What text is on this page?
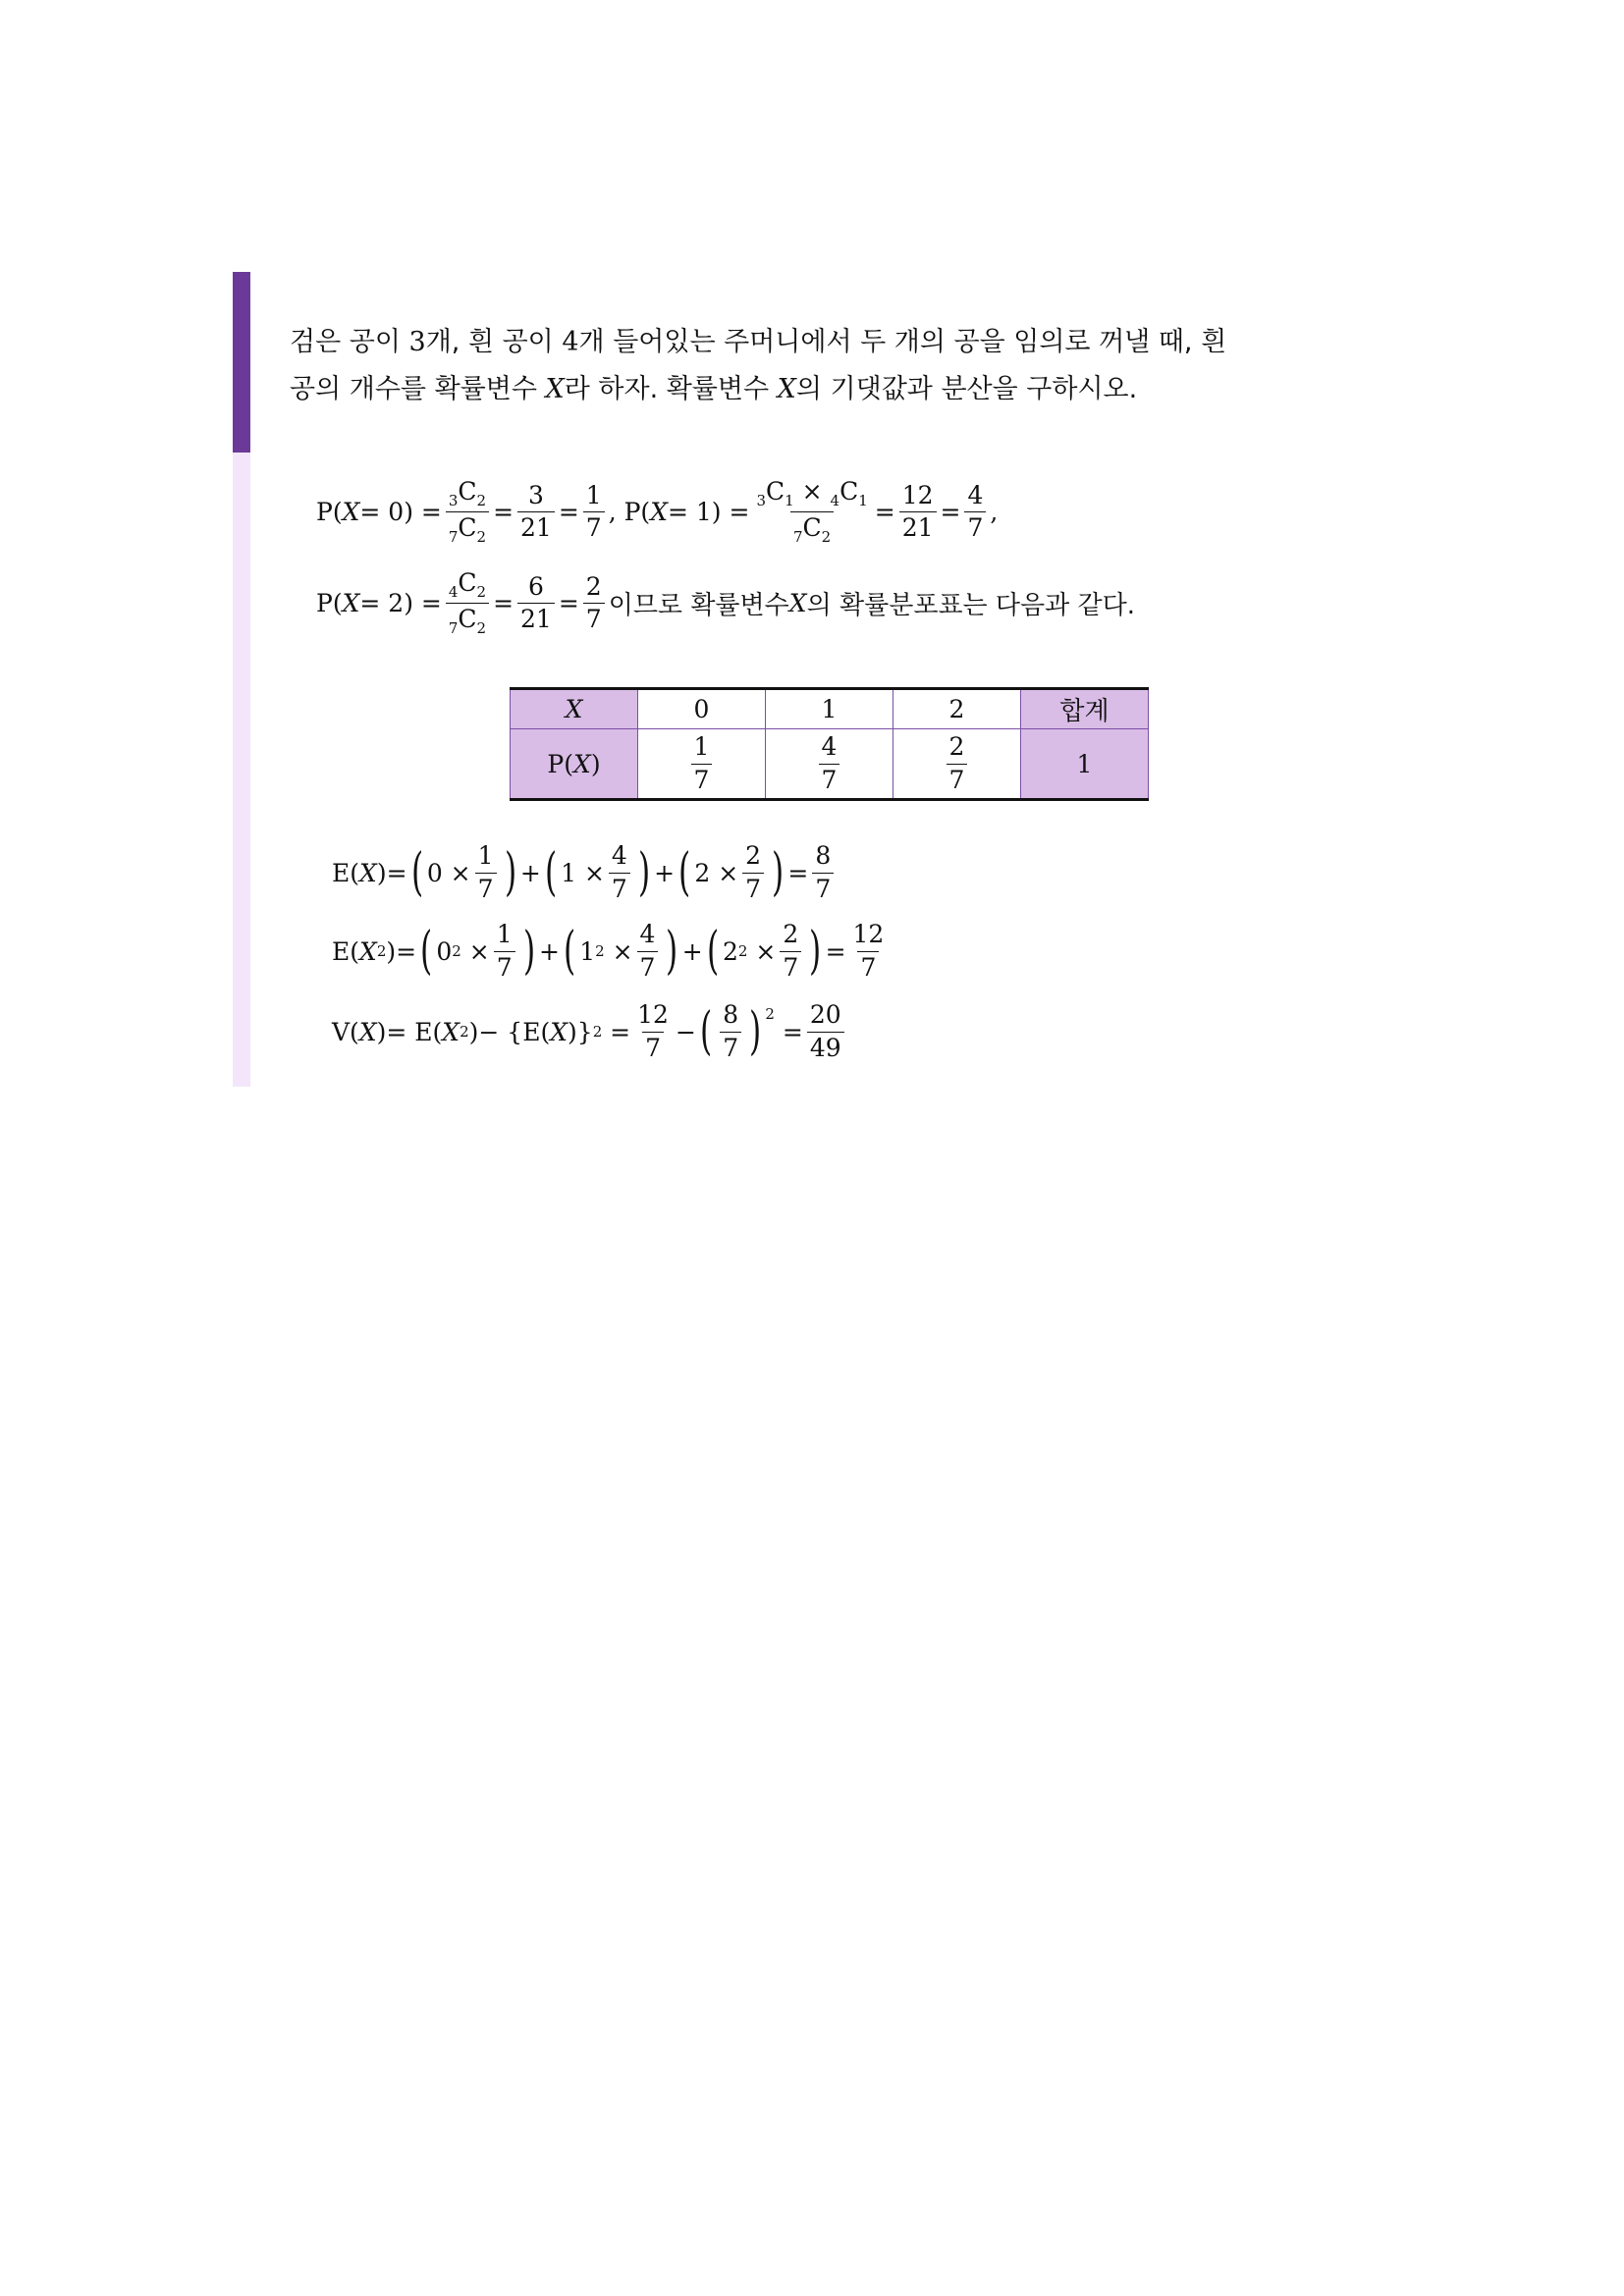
검은 공이 3개, 흰 공이 4개 들어있는 주머니에서 두 개의 공을 임의로 꺼낼 때, 흰
공의 개수를 확률변수 X라 하자. 확률변수 X의 기댓값과 분산을 구하시오.
P( $X = 0) = \frac{_3C_2}{_7C_2} = \frac{3}{21} = \frac{1}{7}$ , P( $X = 1) = \frac{_3C_1 \times _4C_1}{_7C_2} = \frac{12}{21} = \frac{4}{7}$ ,
P( $X = 2) = \frac{_4C_2}{_7C_2} = \frac{6}{21} = \frac{2}{7}$ 이므로 확률변수 X 의 확률분포표는 다음과 같다.
X	0	1	2	합계
P(X)	$\frac{1}{7}$	$\frac{4}{7}$	$\frac{2}{7}$	1
E( X )= ( $0 \times \frac{1}{7}$ ) + ( $1 \times \frac{4}{7}$ ) + ( $2 \times \frac{2}{7}$ ) = $\frac{8}{7}$
E( X 2 )= ( 0 $2 \times \frac{1}{7}$ ) + ( 1 $2 \times \frac{4}{7}$ ) + ( 2 $2 \times \frac{2}{7}$ ) = $\frac{12}{7}$
V( X )= E( X 2 )− {E( X )} $2 = \frac{12}{7}$ − ( $\frac{8}{7}$ ) $^2$
= $\frac{20}{49}$
